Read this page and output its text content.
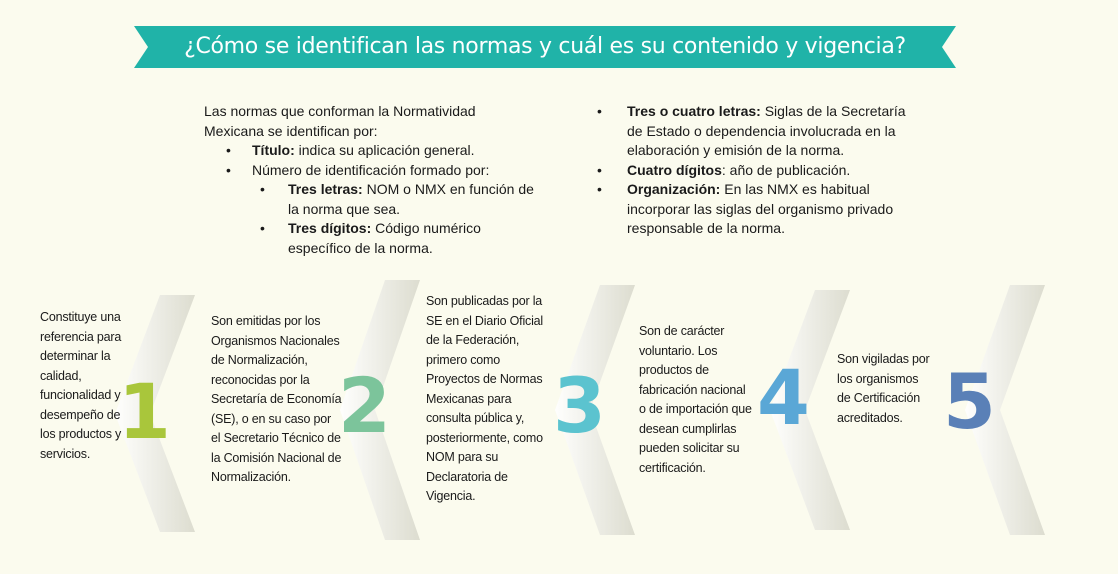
¿Cómo se identifican las normas y cuál es su contenido y vigencia?

Las normas que conforman la Normatividad Mexicana se identifican por:

• Título: indica su aplicación general.
• Número de identificación formado por:
• Tres letras: NOM o NMX en función de la norma que sea.
• Tres dígitos: Código numérico específico de la norma.
• Tres o cuatro letras: Siglas de la Secretaría de Estado o dependencia involucrada en la elaboración y emisión de la norma.
• Cuatro dígitos: año de publicación.
• Organización: En las NMX es habitual incorporar las siglas del organismo privado responsable de la norma.
Constituye una referencia para determinar la calidad, funcionalidad y desempeño de los productos y servicios. 1
Son emitidas por los Organismos Nacionales de Normalización, reconocidas por la Secretaría de Economía (SE), o en su caso por el Secretario Técnico de la Comisión Nacional de Normalización.
2
Son publicadas por la SE en el Diario Oficial de la Federación, primero como Proyectos de Normas Mexicanas para consulta pública y, posteriormente, como NOM para su Declaratoria de Vigencia.
3
Son de carácter voluntario. Los productos de fabricación nacional o de importación que desean cumplirlas pueden solicitar su certificación.
4 Son vigiladas por los organismos de Certificación acreditados. 5
